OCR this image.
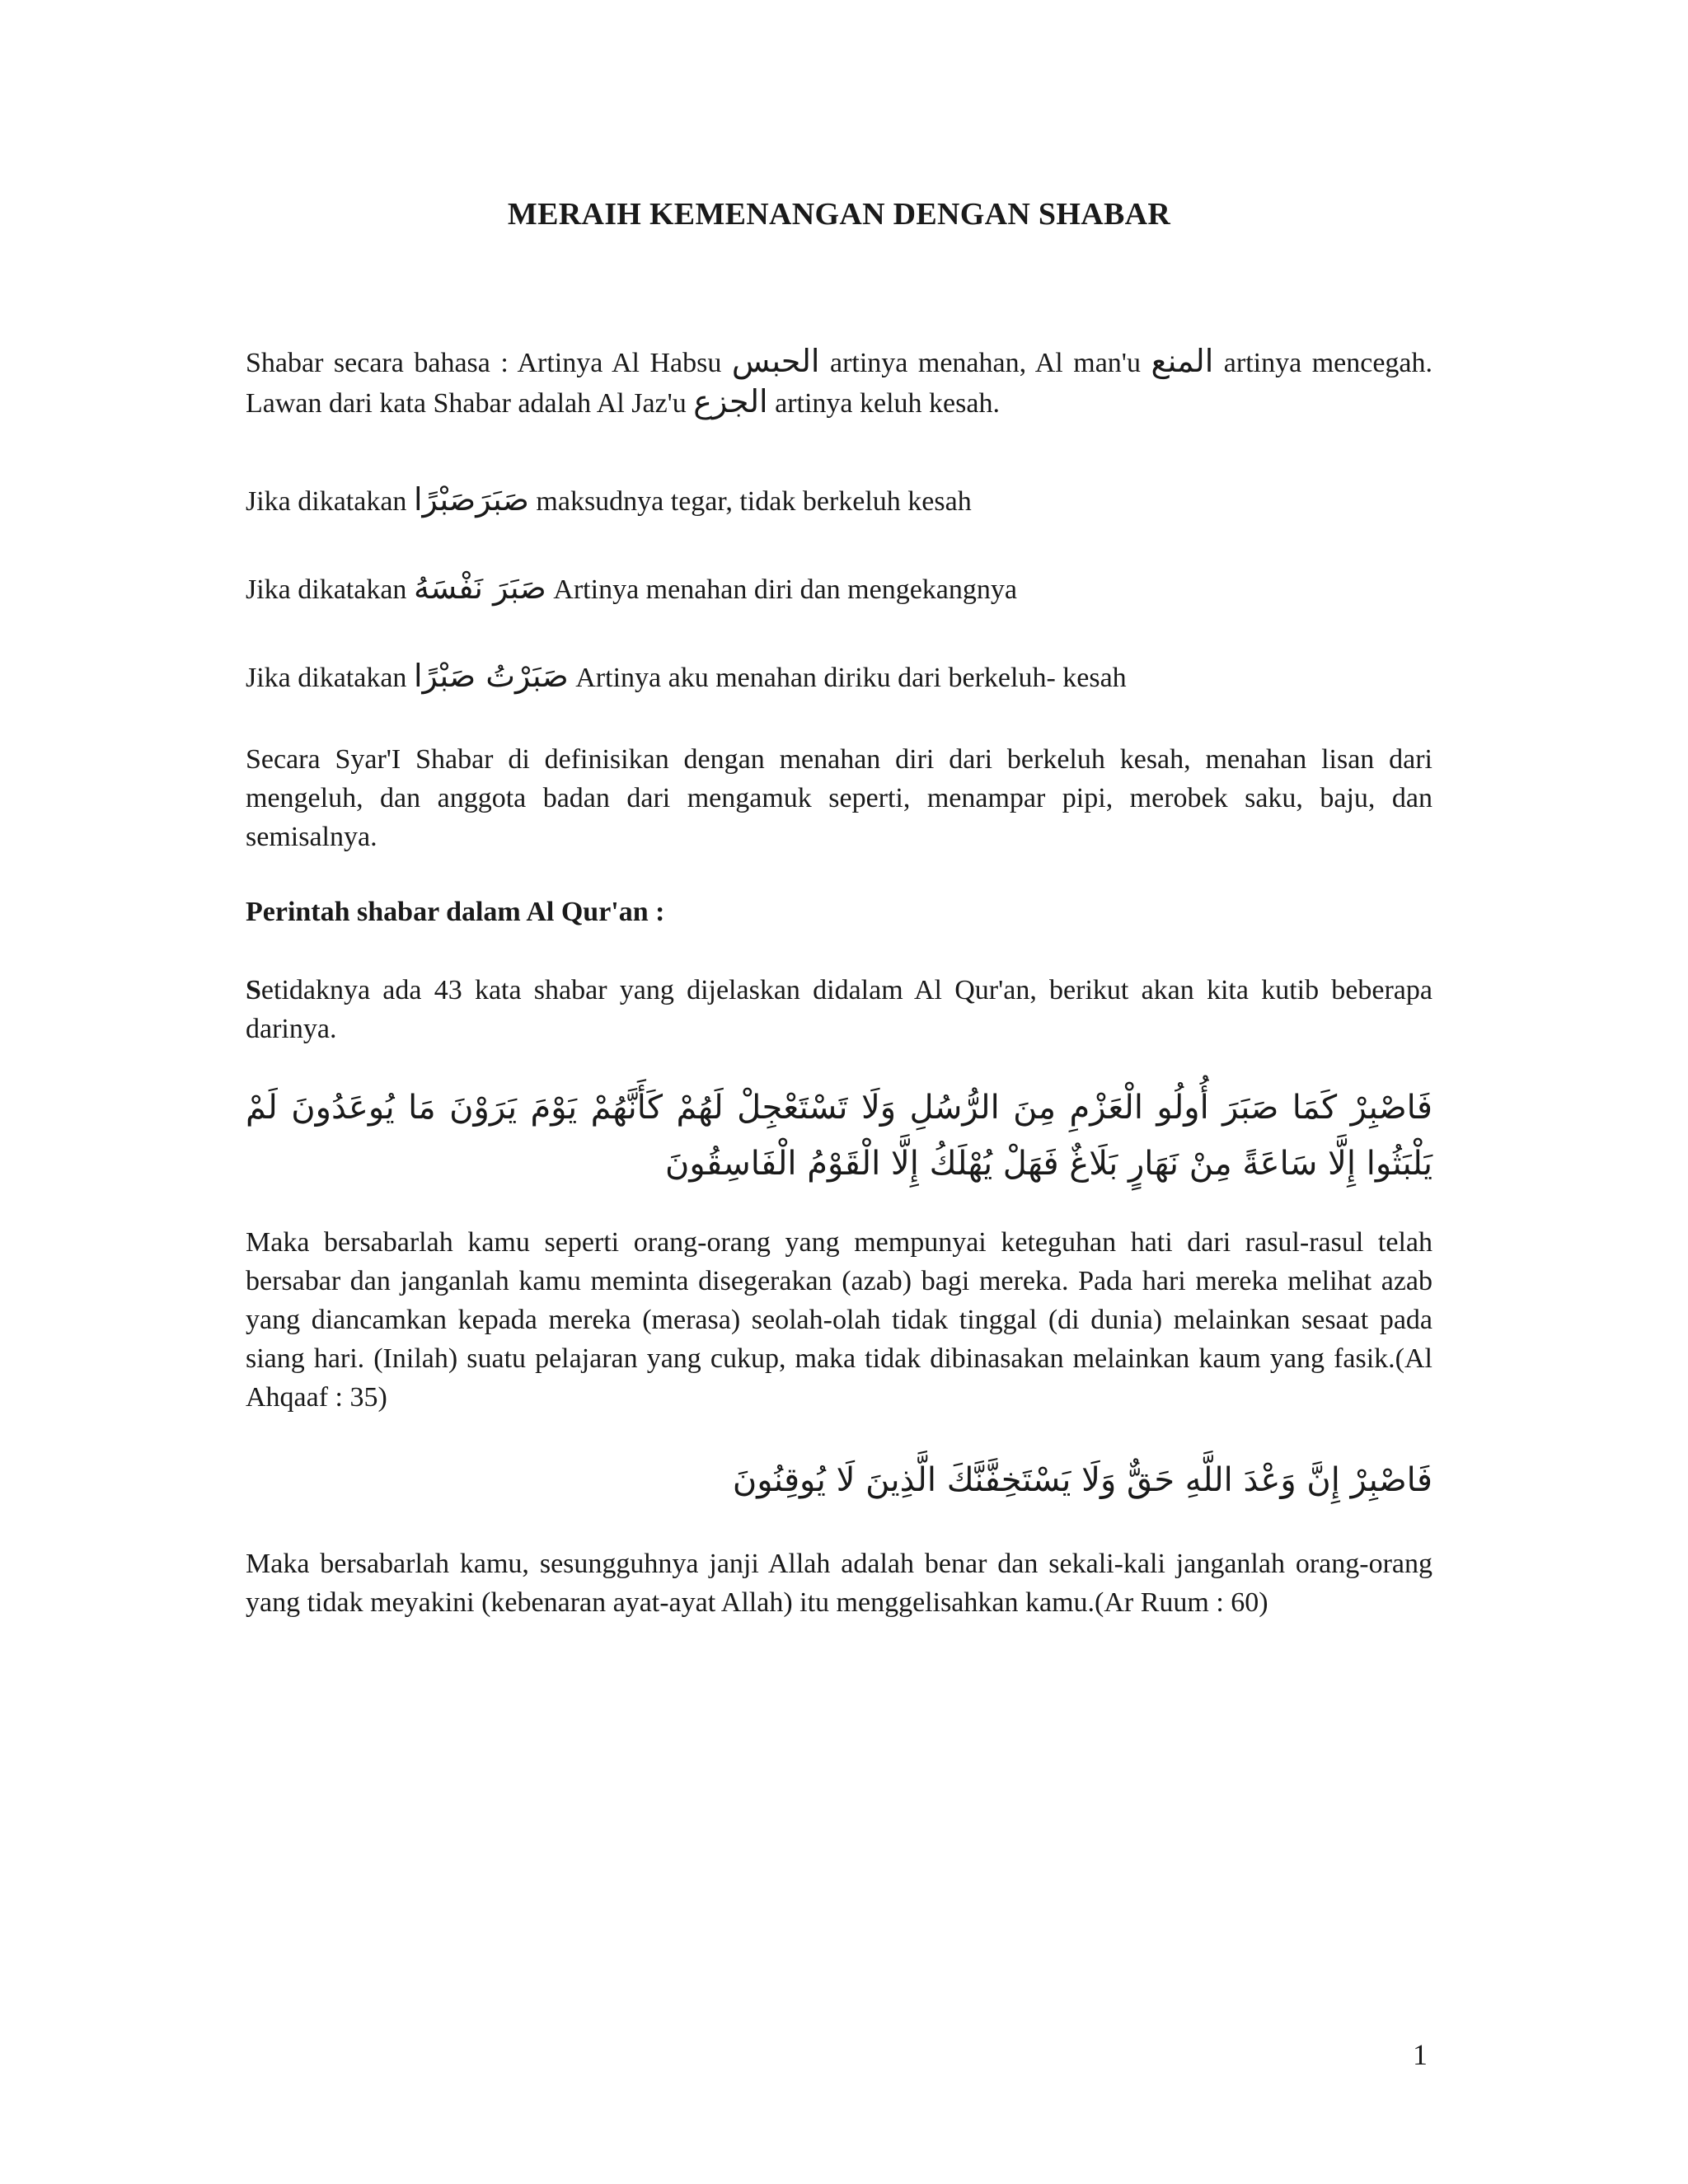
MERAIH KEMENANGAN DENGAN SHABAR
Shabar secara bahasa : Artinya Al Habsu الحبس artinya menahan, Al man'u المنع artinya mencegah. Lawan dari kata Shabar adalah Al Jaz'u الجزع artinya keluh kesah.
Jika dikatakan صَبَرَصَبْرًا maksudnya tegar, tidak berkeluh kesah
Jika dikatakan صَبَرَ نَفْسَهُ Artinya menahan diri dan mengekangnya
Jika dikatakan صَبَرْتُ صَبْرًا Artinya aku menahan diriku dari berkeluh- kesah
Secara Syar'I Shabar di definisikan dengan menahan diri dari berkeluh kesah, menahan lisan dari mengeluh, dan anggota badan dari mengamuk seperti, menampar pipi, merobek saku, baju, dan semisalnya.
Perintah shabar dalam Al Qur'an :
Setidaknya ada 43 kata shabar yang dijelaskan didalam Al Qur'an, berikut akan kita kutib beberapa darinya.
فَاصْبِرْ كَمَا صَبَرَ أُولُو الْعَزْمِ مِنَ الرُّسُلِ وَلَا تَسْتَعْجِلْ لَهُمْ كَأَنَّهُمْ يَوْمَ يَرَوْنَ مَا يُوعَدُونَ لَمْ يَلْبَثُوا إِلَّا سَاعَةً مِنْ نَهَارٍ بَلَاغٌ فَهَلْ يُهْلَكُ إِلَّا الْقَوْمُ الْفَاسِقُونَ
Maka bersabarlah kamu seperti orang-orang yang mempunyai keteguhan hati dari rasul-rasul telah bersabar dan janganlah kamu meminta disegerakan (azab) bagi mereka. Pada hari mereka melihat azab yang diancamkan kepada mereka (merasa) seolah-olah tidak tinggal (di dunia) melainkan sesaat pada siang hari. (Inilah) suatu pelajaran yang cukup, maka tidak dibinasakan melainkan kaum yang fasik.(Al Ahqaaf : 35)
فَاصْبِرْ إِنَّ وَعْدَ اللَّهِ حَقٌّ وَلَا يَسْتَخِفَّنَّكَ الَّذِينَ لَا يُوقِنُونَ
Maka bersabarlah kamu, sesungguhnya janji Allah adalah benar dan sekali-kali janganlah orang-orang yang tidak meyakini (kebenaran ayat-ayat Allah) itu menggelisahkan kamu.(Ar Ruum : 60)
1
